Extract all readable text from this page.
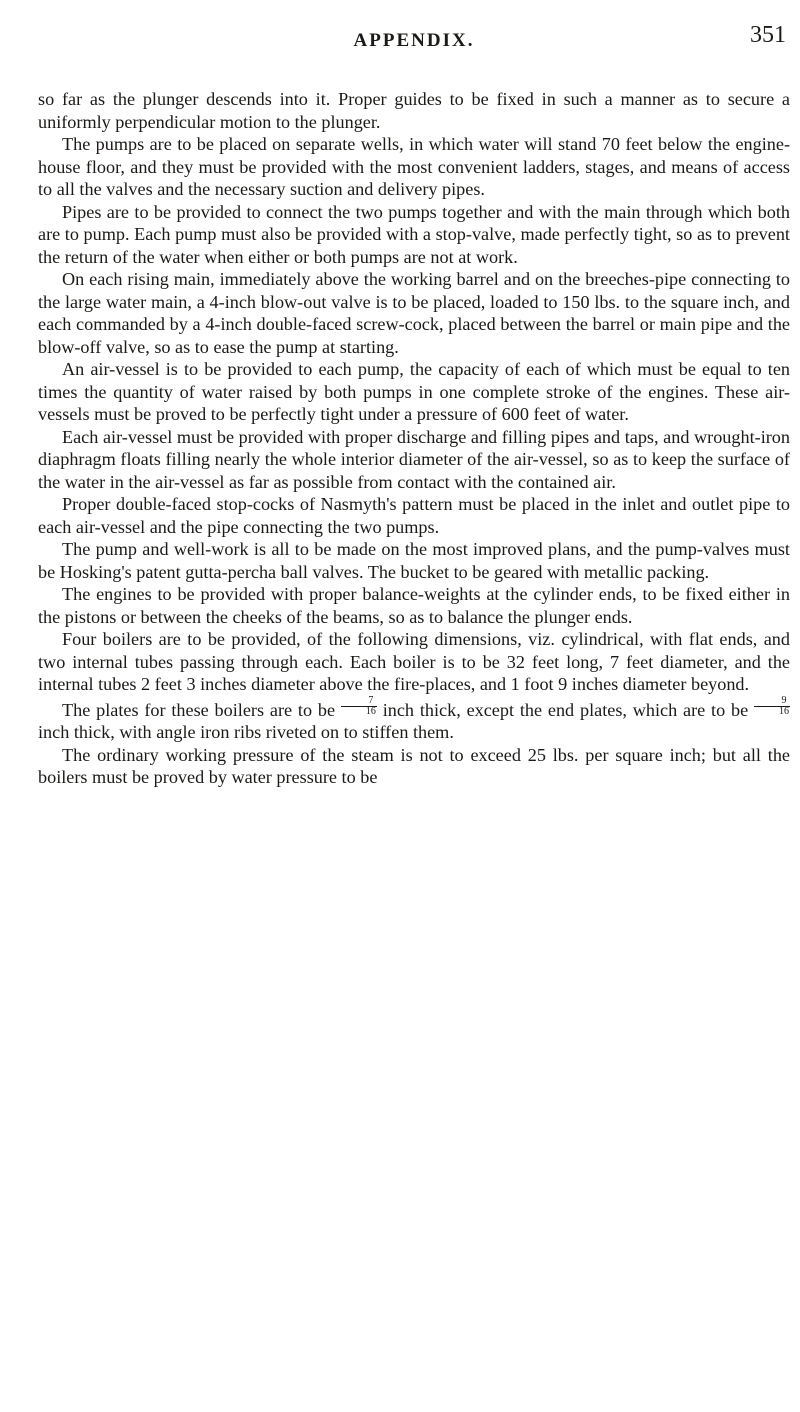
APPENDIX.	351

so far as the plunger descends into it. Proper guides to be fixed in such a manner as to secure a uniformly perpendicular motion to the plunger.

The pumps are to be placed on separate wells, in which water will stand 70 feet below the engine-house floor, and they must be provided with the most convenient ladders, stages, and means of access to all the valves and the necessary suction and delivery pipes.

Pipes are to be provided to connect the two pumps together and with the main through which both are to pump. Each pump must also be provided with a stop-valve, made perfectly tight, so as to prevent the return of the water when either or both pumps are not at work.

On each rising main, immediately above the working barrel and on the breeches-pipe connecting to the large water main, a 4-inch blow-out valve is to be placed, loaded to 150 lbs. to the square inch, and each commanded by a 4-inch double-faced screw-cock, placed between the barrel or main pipe and the blow-off valve, so as to ease the pump at starting.

An air-vessel is to be provided to each pump, the capacity of each of which must be equal to ten times the quantity of water raised by both pumps in one complete stroke of the engines. These air-vessels must be proved to be perfectly tight under a pressure of 600 feet of water.

Each air-vessel must be provided with proper discharge and filling pipes and taps, and wrought-iron diaphragm floats filling nearly the whole interior diameter of the air-vessel, so as to keep the surface of the water in the air-vessel as far as possible from contact with the contained air.

Proper double-faced stop-cocks of Nasmyth's pattern must be placed in the inlet and outlet pipe to each air-vessel and the pipe connecting the two pumps.

The pump and well-work is all to be made on the most improved plans, and the pump-valves must be Hosking's patent gutta-percha ball valves. The bucket to be geared with metallic packing.

The engines to be provided with proper balance-weights at the cylinder ends, to be fixed either in the pistons or between the cheeks of the beams, so as to balance the plunger ends.

Four boilers are to be provided, of the following dimensions, viz. cylindrical, with flat ends, and two internal tubes passing through each. Each boiler is to be 32 feet long, 7 feet diameter, and the internal tubes 2 feet 3 inches diameter above the fire-places, and 1 foot 9 inches diameter beyond.

The plates for these boilers are to be $\frac{7}{16}$ inch thick, except the end plates, which are to be $\frac{9}{16}$
inch thick, with angle iron ribs riveted on to stiffen them.

The ordinary working pressure of the steam is not to exceed 25 lbs. per square inch; but all the boilers must be proved by water pressure to be
